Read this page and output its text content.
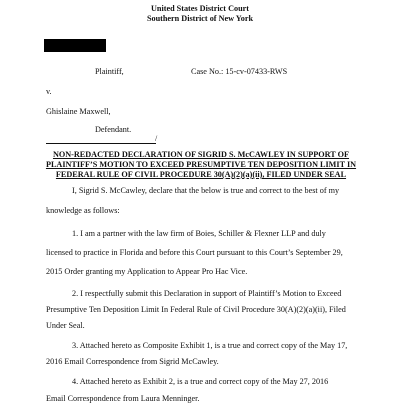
United States District Court
Southern District of New York
Plaintiff,	Case No.: 15-cv-07433-RWS
v.
Ghislaine Maxwell,
Defendant.
/
NON-REDACTED DECLARATION OF SIGRID S. McCAWLEY IN SUPPORT OF
PLAINTIFF’S MOTION TO EXCEED PRESUMPTIVE TEN DEPOSITION LIMIT IN
FEDERAL RULE OF CIVIL PROCEDURE 30(A)(2)(a)(ii), FILED UNDER SEAL
I, Sigrid S. McCawley, declare that the below is true and correct to the best of my
knowledge as follows:
1. I am a partner with the law firm of Boies, Schiller & Flexner LLP and duly
licensed to practice in Florida and before this Court pursuant to this Court’s September 29,
2015 Order granting my Application to Appear Pro Hac Vice.
2. I respectfully submit this Declaration in support of Plaintiff’s Motion to Exceed
Presumptive Ten Deposition Limit In Federal Rule of Civil Procedure 30(A)(2)(a)(ii), Filed
Under Seal.
3. Attached hereto as Composite Exhibit 1, is a true and correct copy of the May 17,
2016 Email Correspondence from Sigrid McCawley.
4. Attached hereto as Exhibit 2, is a true and correct copy of the May 27, 2016
Email Correspondence from Laura Menninger.
